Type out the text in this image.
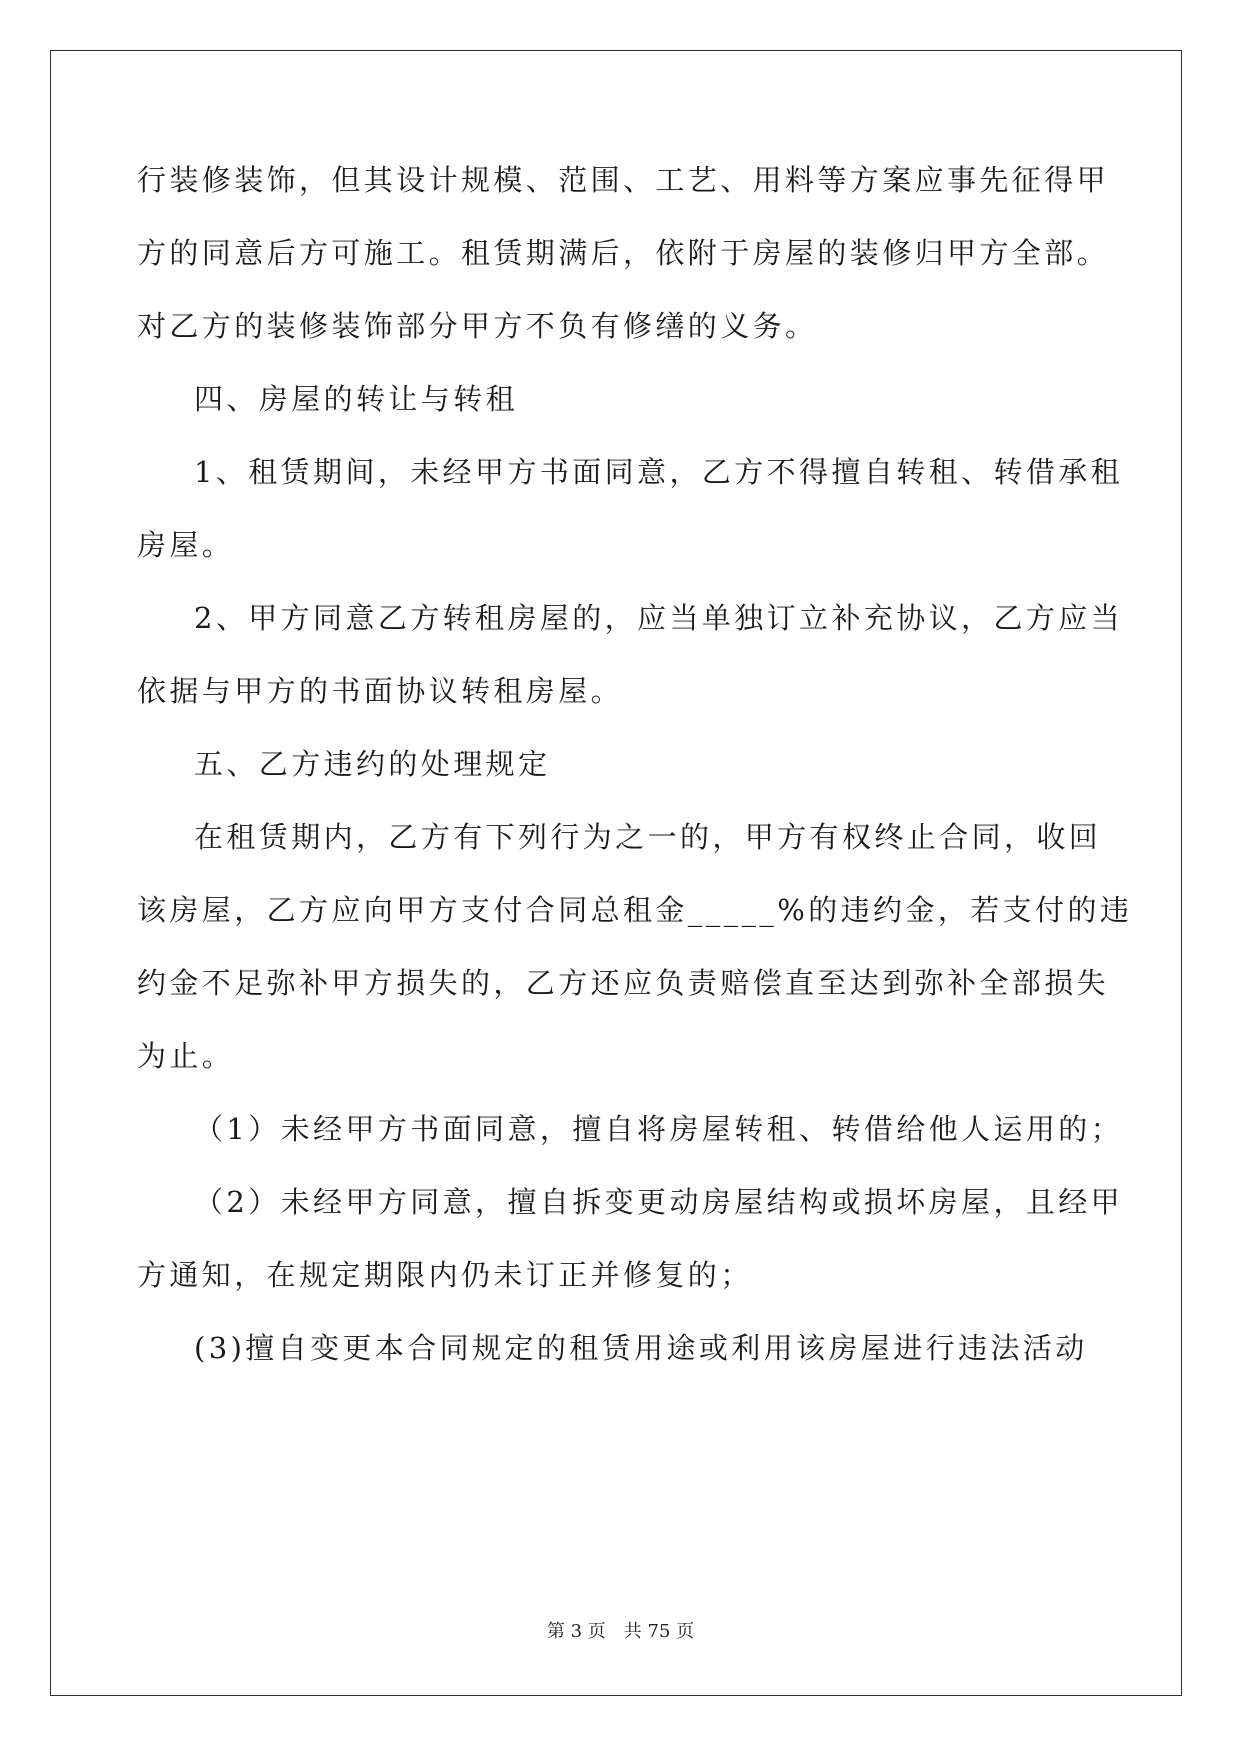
行装修装饰，但其设计规模、范围、工艺、用料等方案应事先征得甲
方的同意后方可施工。租赁期满后，依附于房屋的装修归甲方全部。
对乙方的装修装饰部分甲方不负有修缮的义务。
四、房屋的转让与转租
1、租赁期间，未经甲方书面同意，乙方不得擅自转租、转借承租
房屋。
2、甲方同意乙方转租房屋的，应当单独订立补充协议，乙方应当
依据与甲方的书面协议转租房屋。
五、乙方违约的处理规定
在租赁期内，乙方有下列行为之一的，甲方有权终止合同，收回
该房屋，乙方应向甲方支付合同总租金_____%的违约金，若支付的违
约金不足弥补甲方损失的，乙方还应负责赔偿直至达到弥补全部损失
为止。
（1）未经甲方书面同意，擅自将房屋转租、转借给他人运用的；
（2）未经甲方同意，擅自拆变更动房屋结构或损坏房屋，且经甲
方通知，在规定期限内仍未订正并修复的；
(3)擅自变更本合同规定的租赁用途或利用该房屋进行违法活动
第 3 页　共 75 页
